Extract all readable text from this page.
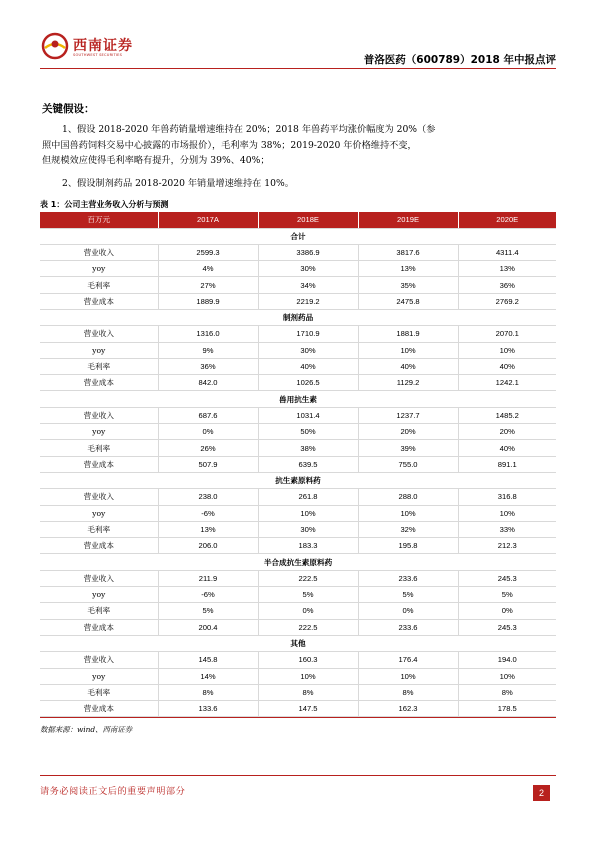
西南证券
SOUTHWEST SECURITIES	普洛医药（600789）2018 年中报点评
关键假设：
1、假设 2018-2020 年兽药销量增速维持在 20%；2018 年兽药平均涨价幅度为 20%（参
照中国兽药饲料交易中心披露的市场报价），毛利率为 38%；2019-2020 年价格维持不变，
但规模效应使得毛利率略有提升，分别为 39%、40%；
2、假设制剂药品 2018-2020 年销量增速维持在 10%。
表 1：公司主营业务收入分析与预测
百万元	2017A	2018E	2019E	2020E
合计				
营业收入	2599.3	3386.9	3817.6	4311.4
yoy	4%	30%	13%	13%
毛利率	27%	34%	35%	36%
营业成本	1889.9	2219.2	2475.8	2769.2
制剂药品				
营业收入	1316.0	1710.9	1881.9	2070.1
yoy	9%	30%	10%	10%
毛利率	36%	40%	40%	40%
营业成本	842.0	1026.5	1129.2	1242.1
兽用抗生素				
营业收入	687.6	1031.4	1237.7	1485.2
yoy	0%	50%	20%	20%
毛利率	26%	38%	39%	40%
营业成本	507.9	639.5	755.0	891.1
抗生素原料药				
营业收入	238.0	261.8	288.0	316.8
yoy	-6%	10%	10%	10%
毛利率	13%	30%	32%	33%
营业成本	206.0	183.3	195.8	212.3
半合成抗生素原料药				
营业收入	211.9	222.5	233.6	245.3
yoy	-6%	5%	5%	5%
毛利率	5%	0%	0%	0%
营业成本	200.4	222.5	233.6	245.3
其他				
营业收入	145.8	160.3	176.4	194.0
yoy	14%	10%	10%	10%
毛利率	8%	8%	8%	8%
营业成本	133.6	147.5	162.3	178.5
数据来源：wind、西南证券
请务必阅读正文后的重要声明部分	2
